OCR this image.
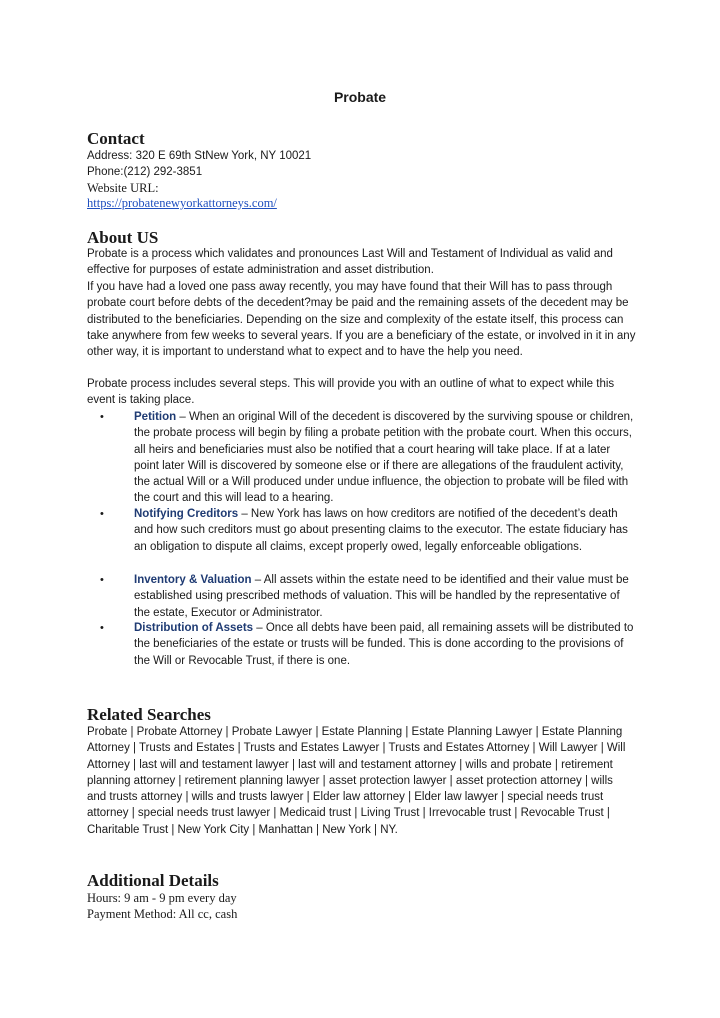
Probate
Contact
Address: 320 E 69th StNew York, NY 10021
Phone:(212) 292-3851
Website URL:
https://probatenewyorkattorneys.com/
About US
Probate is a process which validates and pronounces Last Will and Testament of Individual as valid and effective for purposes of estate administration and asset distribution.
If you have had a loved one pass away recently, you may have found that their Will has to pass through probate court before debts of the decedent?may be paid and the remaining assets of the decedent may be distributed to the beneficiaries. Depending on the size and complexity of the estate itself, this process can take anywhere from few weeks to several years. If you are a beneficiary of the estate, or involved in it in any other way, it is important to understand what to expect and to have the help you need.
Probate process includes several steps. This will provide you with an outline of what to expect while this event is taking place.
•	Petition – When an original Will of the decedent is discovered by the surviving spouse or children, the probate process will begin by filing a probate petition with the probate court. When this occurs, all heirs and beneficiaries must also be notified that a court hearing will take place. If at a later point later Will is discovered by someone else or if there are allegations of the fraudulent activity, the actual Will or a Will produced under undue influence, the objection to probate will be filed with the court and this will lead to a hearing.
•	Notifying Creditors – New York has laws on how creditors are notified of the decedent’s death and how such creditors must go about presenting claims to the executor. The estate fiduciary has an obligation to dispute all claims, except properly owed, legally enforceable obligations.
•	Inventory & Valuation – All assets within the estate need to be identified and their value must be established using prescribed methods of valuation. This will be handled by the representative of the estate, Executor or Administrator.
•	Distribution of Assets – Once all debts have been paid, all remaining assets will be distributed to the beneficiaries of the estate or trusts will be funded. This is done according to the provisions of the Will or Revocable Trust, if there is one.
Related Searches
Probate | Probate Attorney | Probate Lawyer | Estate Planning | Estate Planning Lawyer | Estate Planning Attorney | Trusts and Estates | Trusts and Estates Lawyer | Trusts and Estates Attorney | Will Lawyer | Will Attorney | last will and testament lawyer | last will and testament attorney | wills and probate | retirement planning attorney | retirement planning lawyer | asset protection lawyer | asset protection attorney | wills and trusts attorney | wills and trusts lawyer | Elder law attorney | Elder law lawyer | special needs trust attorney | special needs trust lawyer | Medicaid trust | Living Trust | Irrevocable trust | Revocable Trust | Charitable Trust | New York City | Manhattan | New York | NY.
Additional Details
Hours: 9 am - 9 pm every day
Payment Method: All cc, cash
